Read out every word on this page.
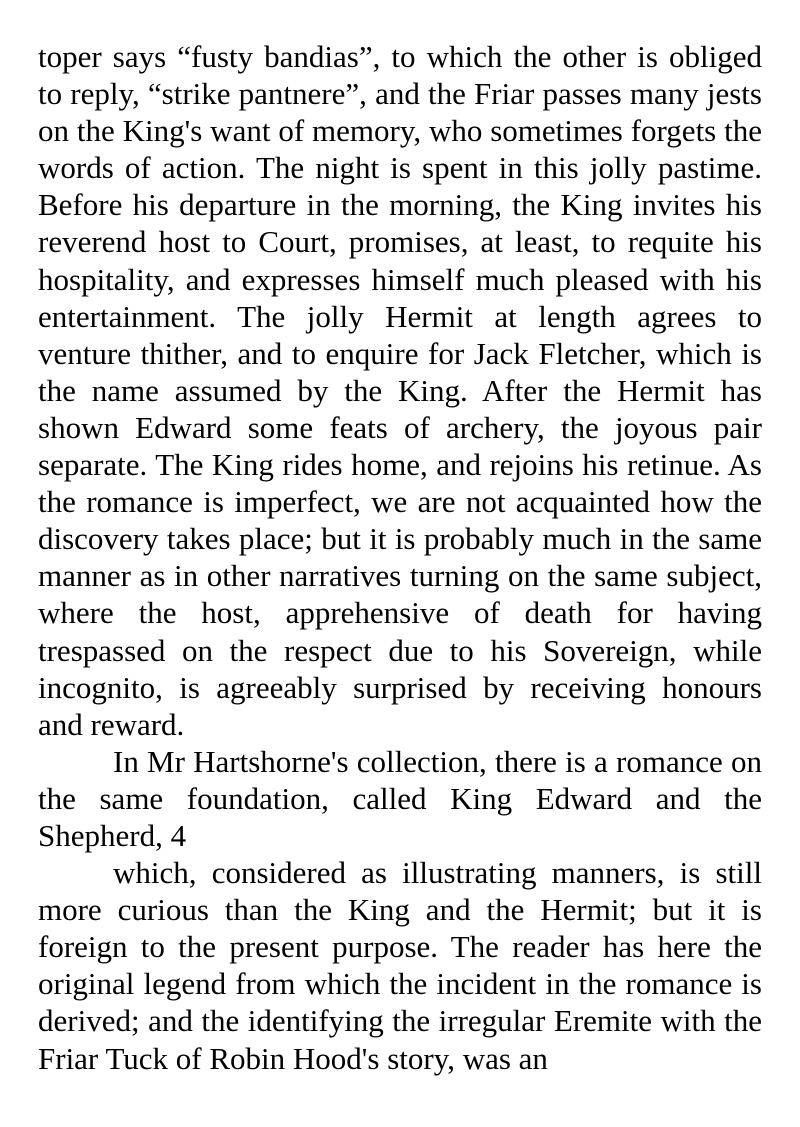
toper says “fusty bandias”, to which the other is obliged to reply, “strike pantnere”, and the Friar passes many jests on the King's want of memory, who sometimes forgets the words of action. The night is spent in this jolly pastime. Before his departure in the morning, the King invites his reverend host to Court, promises, at least, to requite his hospitality, and expresses himself much pleased with his entertainment. The jolly Hermit at length agrees to venture thither, and to enquire for Jack Fletcher, which is the name assumed by the King. After the Hermit has shown Edward some feats of archery, the joyous pair separate. The King rides home, and rejoins his retinue. As the romance is imperfect, we are not acquainted how the discovery takes place; but it is probably much in the same manner as in other narratives turning on the same subject, where the host, apprehensive of death for having trespassed on the respect due to his Sovereign, while incognito, is agreeably surprised by receiving honours and reward.

In Mr Hartshorne's collection, there is a romance on the same foundation, called King Edward and the Shepherd, 4

which, considered as illustrating manners, is still more curious than the King and the Hermit; but it is foreign to the present purpose. The reader has here the original legend from which the incident in the romance is derived; and the identifying the irregular Eremite with the Friar Tuck of Robin Hood's story, was an
